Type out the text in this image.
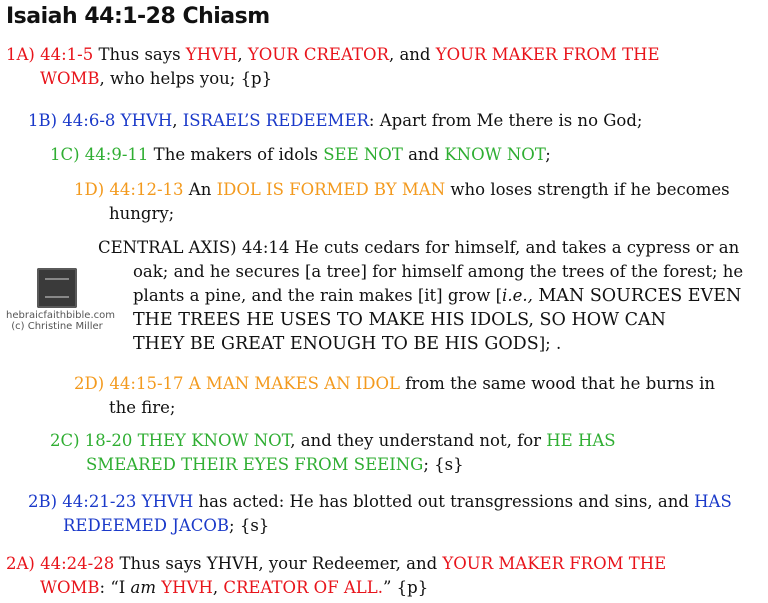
Isaiah 44:1-28 Chiasm
1A) 44:1-5 Thus says YHVH, YOUR CREATOR, and YOUR MAKER FROM THE
WOMB, who helps you; {p}
1B) 44:6-8 YHVH, ISRAEL’S REDEEMER: Apart from Me there is no God;
1C) 44:9-11 The makers of idols SEE NOT and KNOW NOT;
1D) 44:12-13 An IDOL IS FORMED BY MAN who loses strength if he becomes
hungry;
hebraicfaithbible.com
(c) Christine Miller
CENTRAL AXIS) 44:14 He cuts cedars for himself, and takes a cypress or an
oak; and he secures [a tree] for himself among the trees of the forest; he
plants a pine, and the rain makes [it] grow [i.e., MAN SOURCES EVEN
THE TREES HE USES TO MAKE HIS IDOLS, SO HOW CAN
THEY BE GREAT ENOUGH TO BE HIS GODS]; .
2D) 44:15-17 A MAN MAKES AN IDOL from the same wood that he burns in
the fire;
2C) 18-20 THEY KNOW NOT, and they understand not, for HE HAS
SMEARED THEIR EYES FROM SEEING; {s}
2B) 44:21-23 YHVH has acted: He has blotted out transgressions and sins, and HAS
REDEEMED JACOB; {s}
2A) 44:24-28 Thus says YHVH, your Redeemer, and YOUR MAKER FROM THE
WOMB: “I am YHVH, CREATOR OF ALL.” {p}
